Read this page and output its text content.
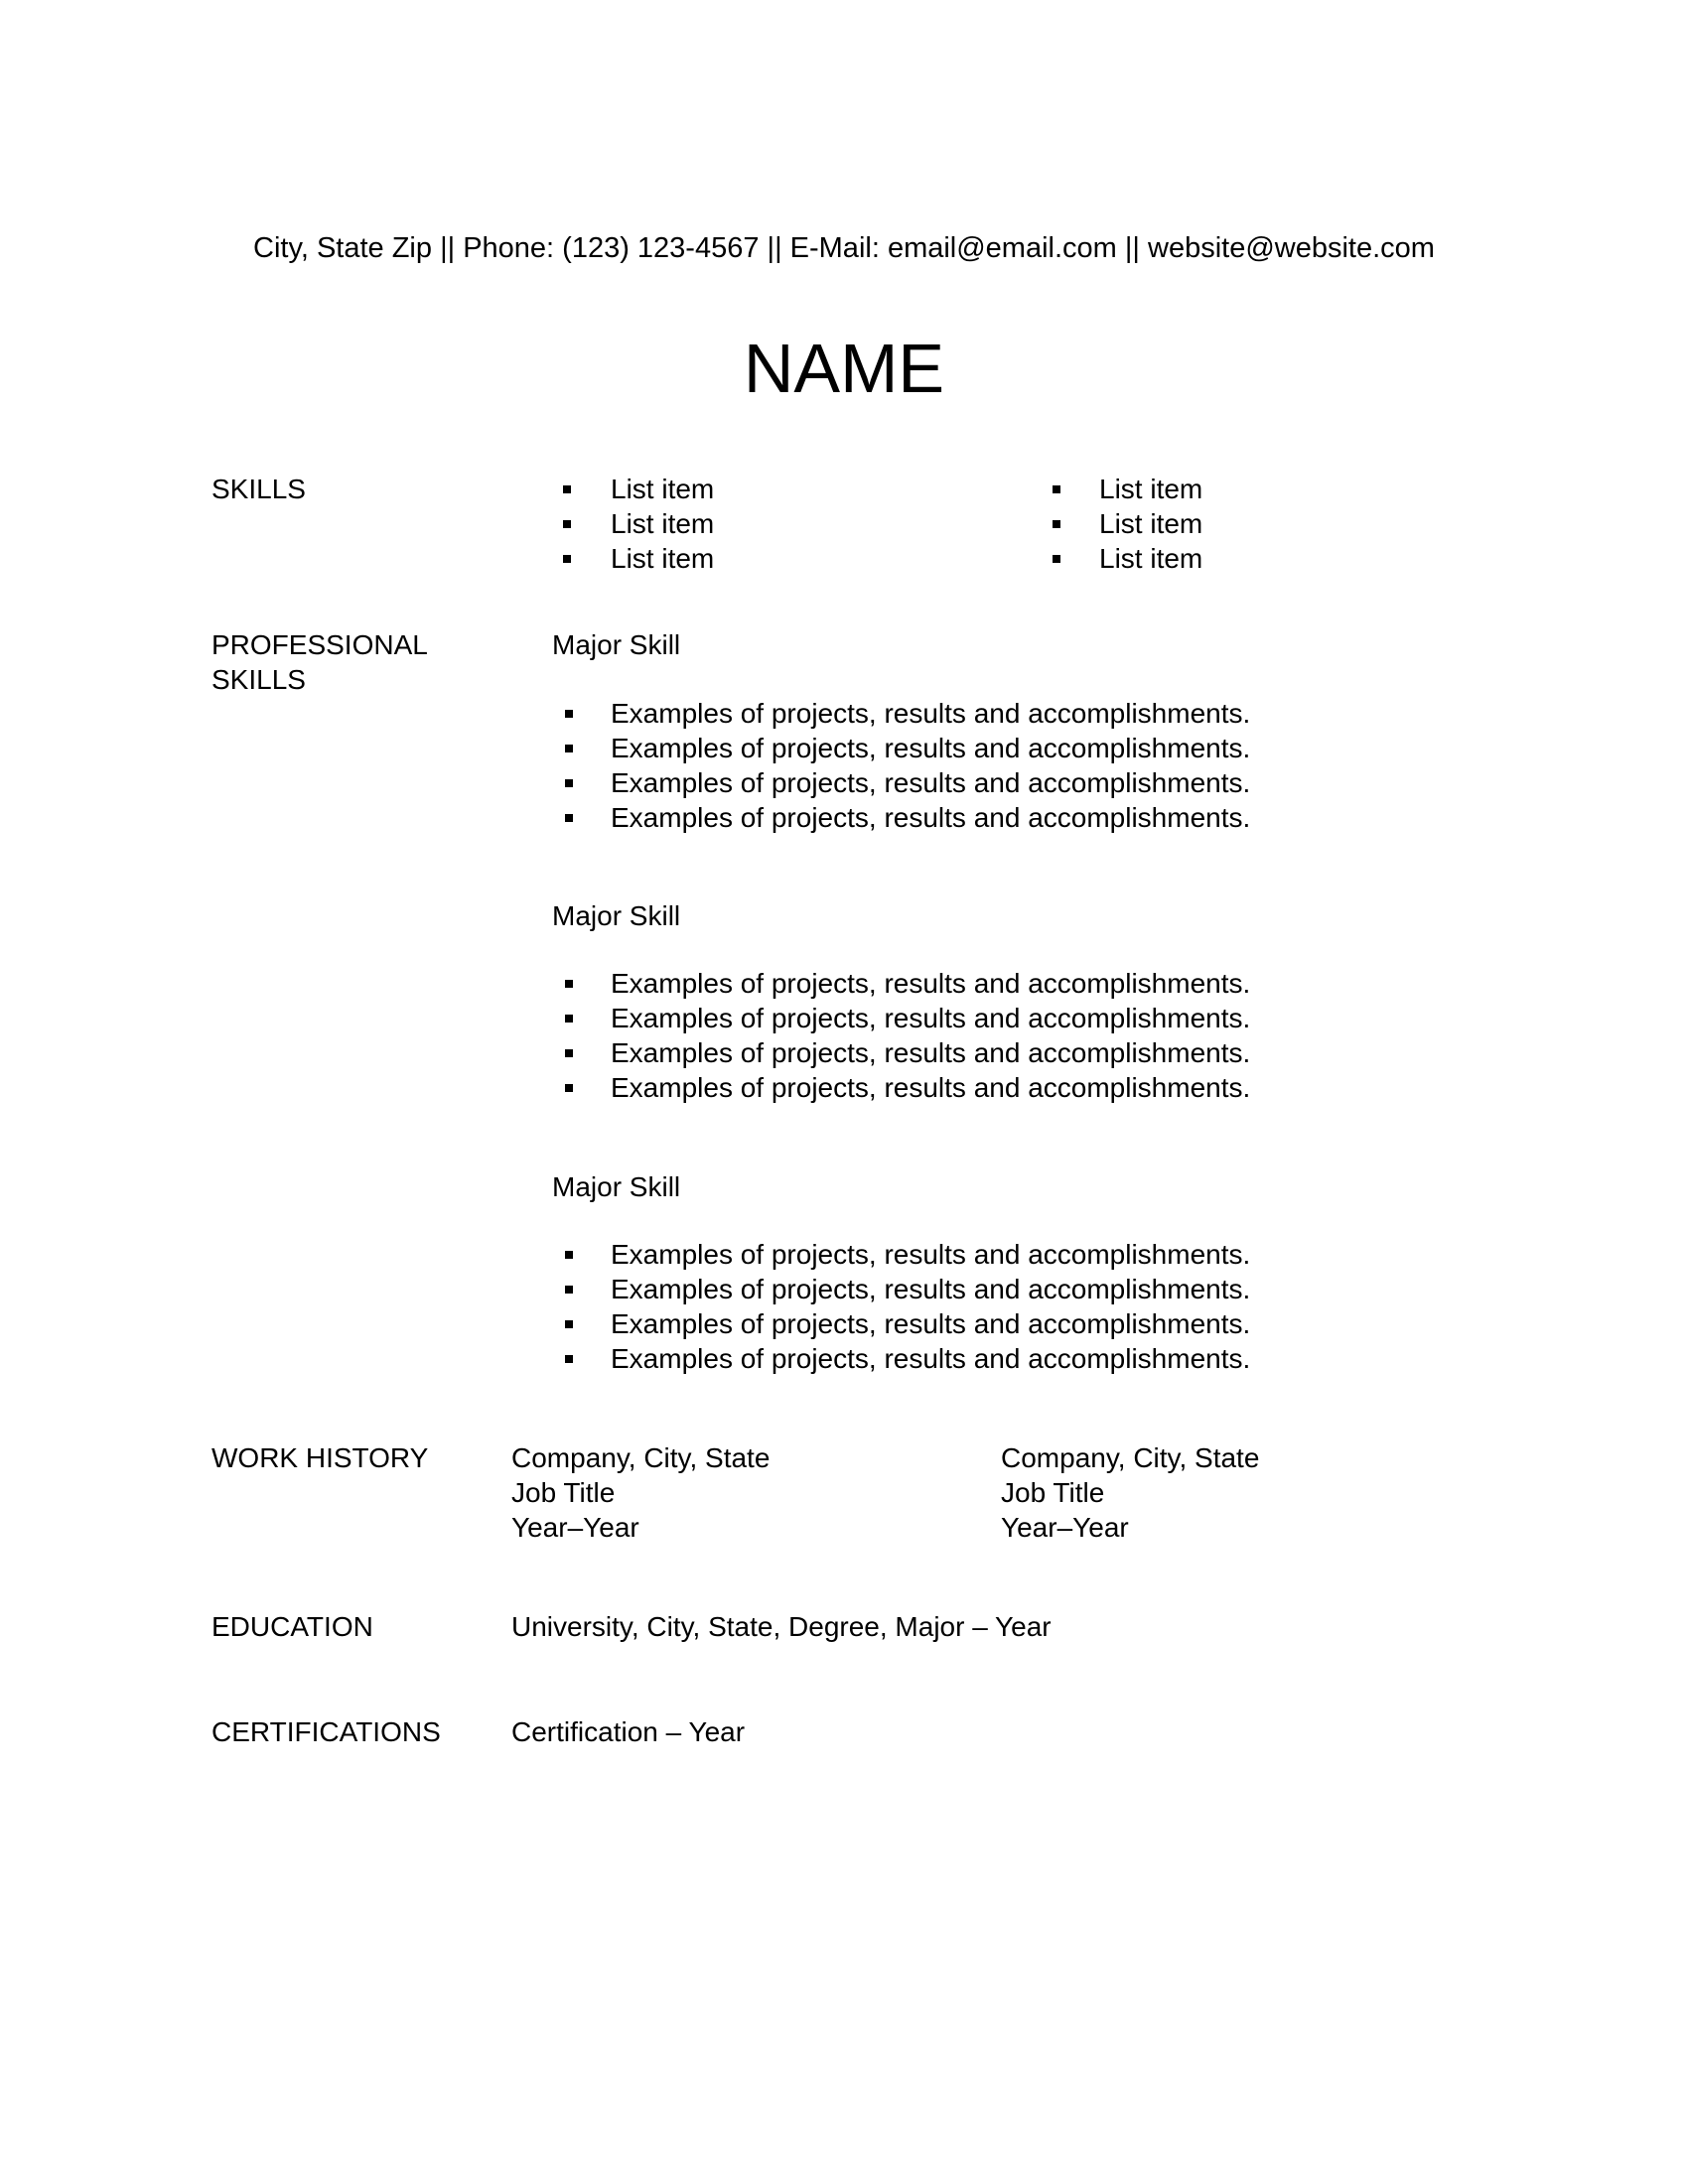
City, State Zip || Phone: (123) 123-4567 || E-Mail: email@email.com || website@website.com
NAME
SKILLS	List item
List item
List item
List item
List item
List item
PROFESSIONAL
SKILLS
Major Skill
Examples of projects, results and accomplishments.
Examples of projects, results and accomplishments.
Examples of projects, results and accomplishments.
Examples of projects, results and accomplishments.
Major Skill
Examples of projects, results and accomplishments.
Examples of projects, results and accomplishments.
Examples of projects, results and accomplishments.
Examples of projects, results and accomplishments.
Major Skill
Examples of projects, results and accomplishments.
Examples of projects, results and accomplishments.
Examples of projects, results and accomplishments.
Examples of projects, results and accomplishments.
WORK HISTORY	Company, City, State
Job Title
Year–Year
Company, City, State
Job Title
Year–Year
EDUCATION	University, City, State, Degree, Major – Year
CERTIFICATIONS	Certification – Year
